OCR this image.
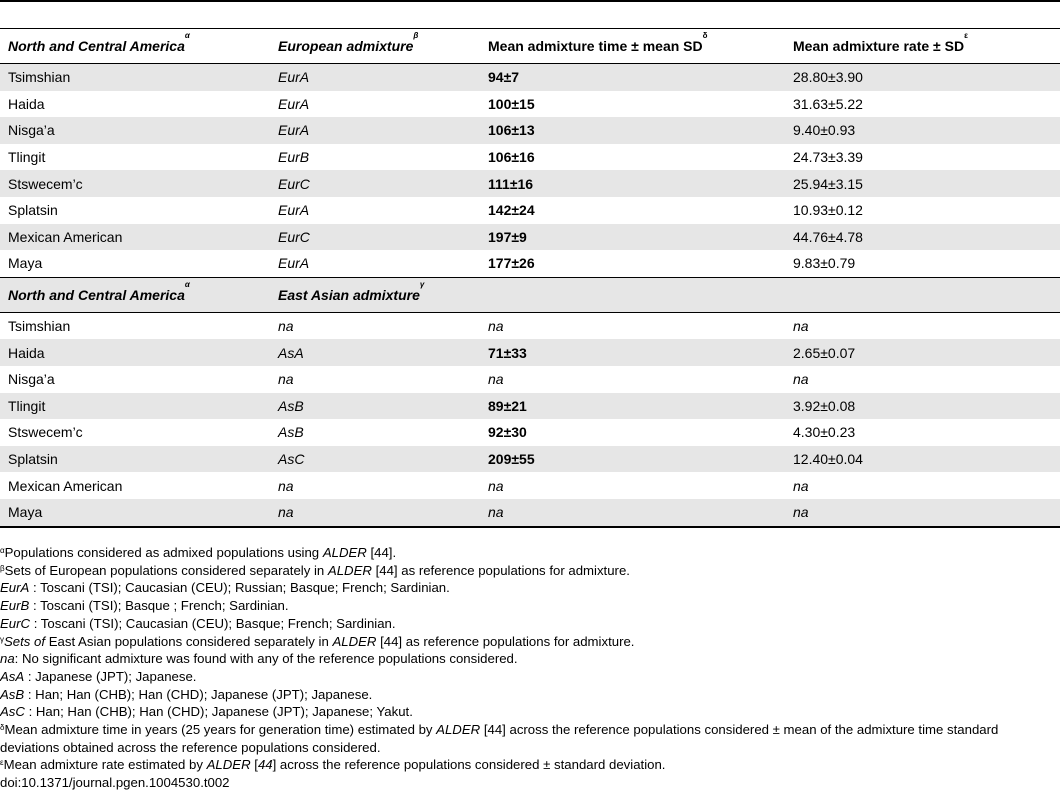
North and Central America$^\alpha$	European admixture$^\beta$	Mean admixture time ± mean $SD^\delta$	Mean admixture rate ± $SD^\varepsilon$
Tsimshian	EurA	94±7	28.80±3.90
Haida	EurA	100±15	31.63±5.22
Nisga’a	EurA	106±13	9.40±0.93
Tlingit	EurB	106±16	24.73±3.39
Stswecem’c	EurC	111±16	25.94±3.15
Splatsin	EurA	142±24	10.93±0.12
Mexican American	EurC	197±9	44.76±4.78
Maya	EurA	177±26	9.83±0.79
North and Central America$^\alpha$	East Asian admixture$^\gamma$		
Tsimshian	na	na	na
Haida	AsA	71±33	2.65±0.07
Nisga’a	na	na	na
Tlingit	AsB	89±21	3.92±0.08
Stswecem’c	AsB	92±30	4.30±0.23
Splatsin	AsC	209±55	12.40±0.04
Mexican American	na	na	na
Maya	na	na	na
$^\alpha$Populations considered as admixed populations using ALDER [44].
$^\beta$Sets of European populations considered separately in ALDER [44] as reference populations for admixture.
EurA : Toscani (TSI); Caucasian (CEU); Russian; Basque; French; Sardinian.
EurB : Toscani (TSI); Basque ; French; Sardinian.
EurC : Toscani (TSI); Caucasian (CEU); Basque; French; Sardinian.
$^\gamma$Sets of East Asian populations considered separately in ALDER [44] as reference populations for admixture.
na: No significant admixture was found with any of the reference populations considered.
AsA : Japanese (JPT); Japanese.
AsB : Han; Han (CHB); Han (CHD); Japanese (JPT); Japanese.
AsC : Han; Han (CHB); Han (CHD); Japanese (JPT); Japanese; Yakut.
$^\delta$Mean admixture time in years (25 years for generation time) estimated by ALDER [44] across the reference populations considered ± mean of the admixture time standard deviations obtained across the reference populations considered.
$^\varepsilon$Mean admixture rate estimated by ALDER [44] across the reference populations considered ± standard deviation.
doi:10.1371/journal.pgen.1004530.t002
